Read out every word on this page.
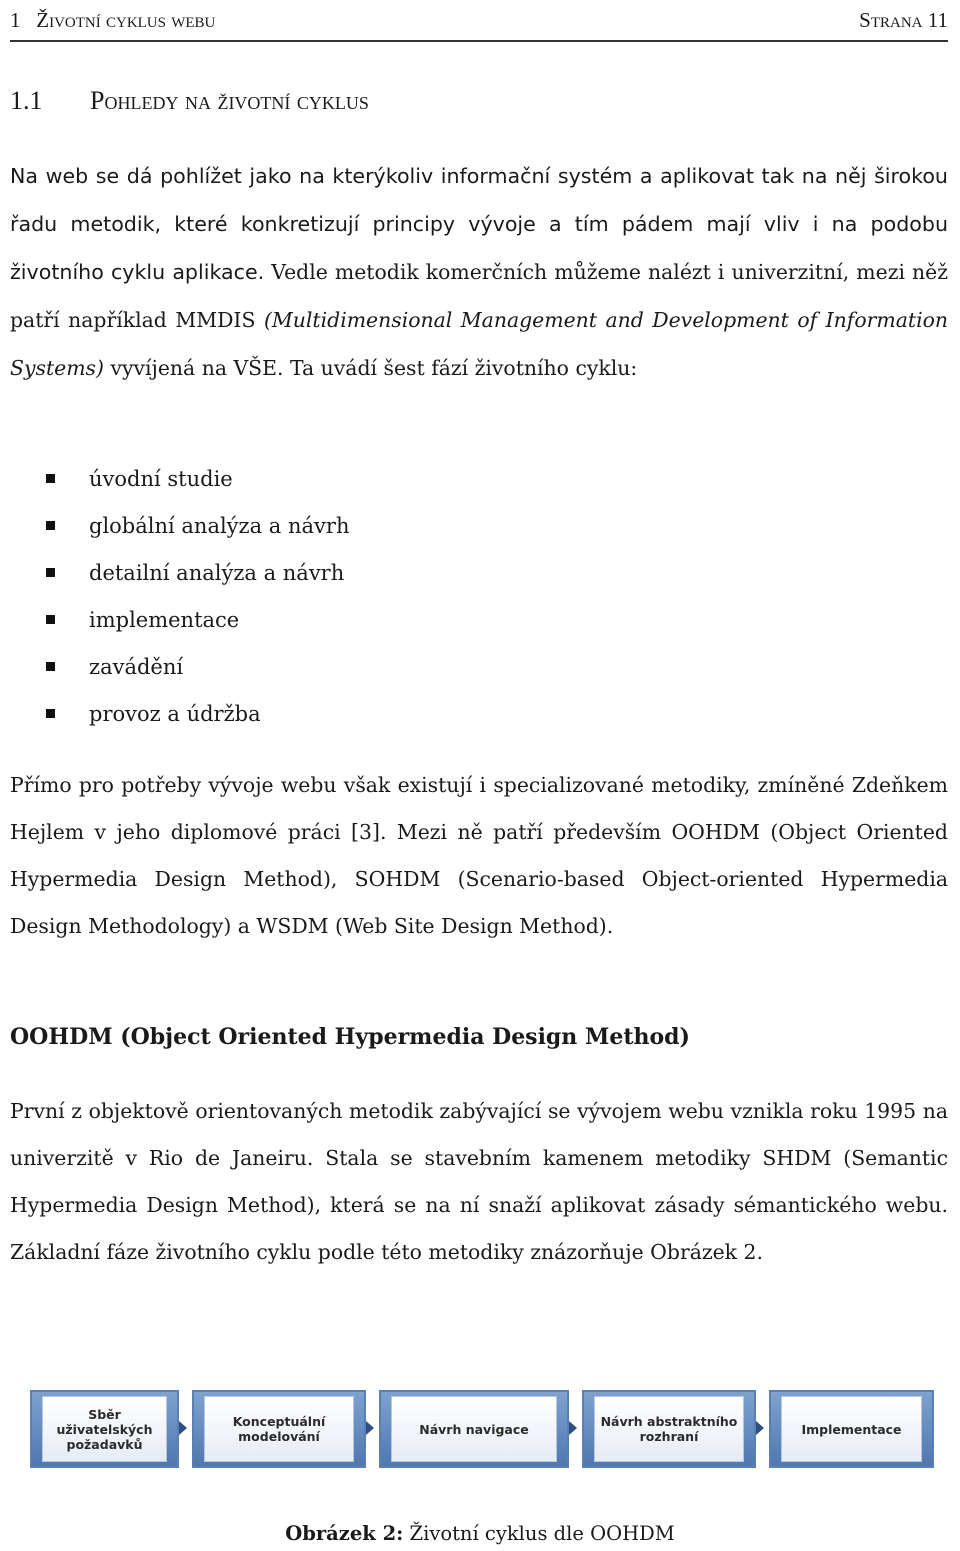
1 Životní cyklus webu	Strana 11
1.1 Pohledy na životní cyklus
Na web se dá pohlížet jako na kterýkoliv informační systém a aplikovat tak na něj širokou řadu metodik, které konkretizují principy vývoje a tím pádem mají vliv i na podobu životního cyklu aplikace. Vedle metodik komerčních můžeme nalézt i univerzitní, mezi něž patří například MMDIS (Multidimensional Management and Development of Information Systems) vyvíjená na VŠE. Ta uvádí šest fází životního cyklu:
úvodní studie
globální analýza a návrh
detailní analýza a návrh
implementace
zavádění
provoz a údržba
Přímo pro potřeby vývoje webu však existují i specializované metodiky, zmíněné Zdeňkem Hejlem v jeho diplomové práci [3]. Mezi ně patří především OOHDM (Object Oriented Hypermedia Design Method), SOHDM (Scenario-based Object-oriented Hypermedia Design Methodology) a WSDM (Web Site Design Method).
OOHDM (Object Oriented Hypermedia Design Method)
První z objektově orientovaných metodik zabývající se vývojem webu vznikla roku 1995 na univerzitě v Rio de Janeiru. Stala se stavebním kamenem metodiky SHDM (Semantic Hypermedia Design Method), která se na ní snaží aplikovat zásady sémantického webu. Základní fáze životního cyklu podle této metodiky znázorňuje Obrázek 2.
Sběr uživatelských požadavků
Konceptuální modelování	Návrh navigace	Návrh abstraktního rozhraní	Implementace
Obrázek 2: Životní cyklus dle OOHDM
